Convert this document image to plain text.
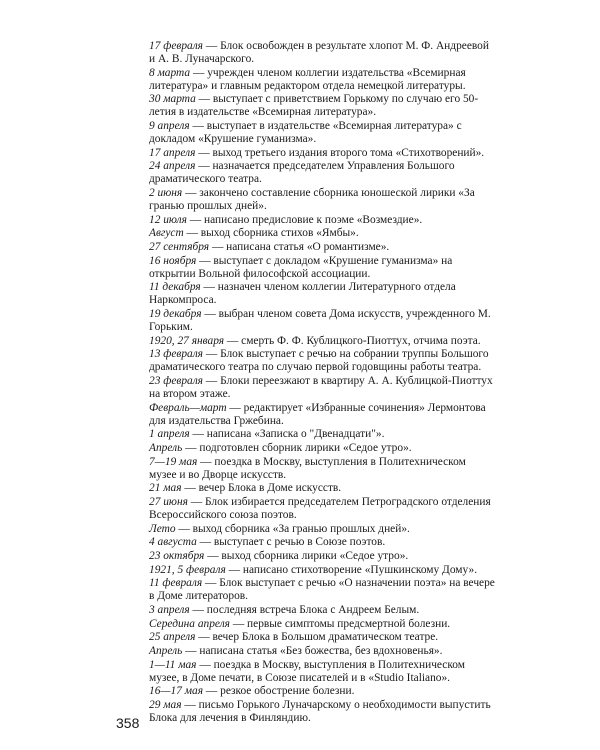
17 февраля — Блок освобожден в результате хлопот М. Ф. Андреевой и А. В. Луначарского.

8 марта — учрежден членом коллегии издательства «Всемирная литература» и главным редактором отдела немецкой литературы.

30 марта — выступает с приветствием Горькому по случаю его 50-летия в издательстве «Всемирная литература».

9 апреля — выступает в издательстве «Всемирная литература» с докладом «Крушение гуманизма».

17 апреля — выход третьего издания второго тома «Стихотворений».

24 апреля — назначается председателем Управления Большого драматического театра.

2 июня — закончено составление сборника юношеской лирики «За гранью прошлых дней».

12 июля — написано предисловие к поэме «Возмездие».

Август — выход сборника стихов «Ямбы».

27 сентября — написана статья «О романтизме».

16 ноября — выступает с докладом «Крушение гуманизма» на открытии Вольной философской ассоциации.

11 декабря — назначен членом коллегии Литературного отдела Наркомпроса.

19 декабря — выбран членом совета Дома искусств, учрежденного М. Горьким.

1920, 27 января — смерть Ф. Ф. Кублицкого-Пиоттух, отчима поэта.

13 февраля — Блок выступает с речью на собрании труппы Большого драматического театра по случаю первой годовщины работы театра.

23 февраля — Блоки переезжают в квартиру А. А. Кублицкой-Пиоттух на втором этаже.

Февраль—март — редактирует «Избранные сочинения» Лермонтова для издательства Гржебина.

1 апреля — написана «Записка о "Двенадцати"».

Апрель — подготовлен сборник лирики «Седое утро».

7—19 мая — поездка в Москву, выступления в Политехническом музее и во Дворце искусств.

21 мая — вечер Блока в Доме искусств.

27 июня — Блок избирается председателем Петроградского отделения Всероссийского союза поэтов.

Лето — выход сборника «За гранью прошлых дней».

4 августа — выступает с речью в Союзе поэтов.

23 октября — выход сборника лирики «Седое утро».

1921, 5 февраля — написано стихотворение «Пушкинскому Дому».

11 февраля — Блок выступает с речью «О назначении поэта» на вечере в Доме литераторов.

3 апреля — последняя встреча Блока с Андреем Белым.

Середина апреля — первые симптомы предсмертной болезни.

25 апреля — вечер Блока в Большом драматическом театре.

Апрель — написана статья «Без божества, без вдохновенья».

1—11 мая — поездка в Москву, выступления в Политехническом музее, в Доме печати, в Союзе писателей и в «Studio Italiano».

16—17 мая — резкое обострение болезни.

29 мая — письмо Горького Луначарскому о необходимости выпустить Блока для лечения в Финляндию.

358
